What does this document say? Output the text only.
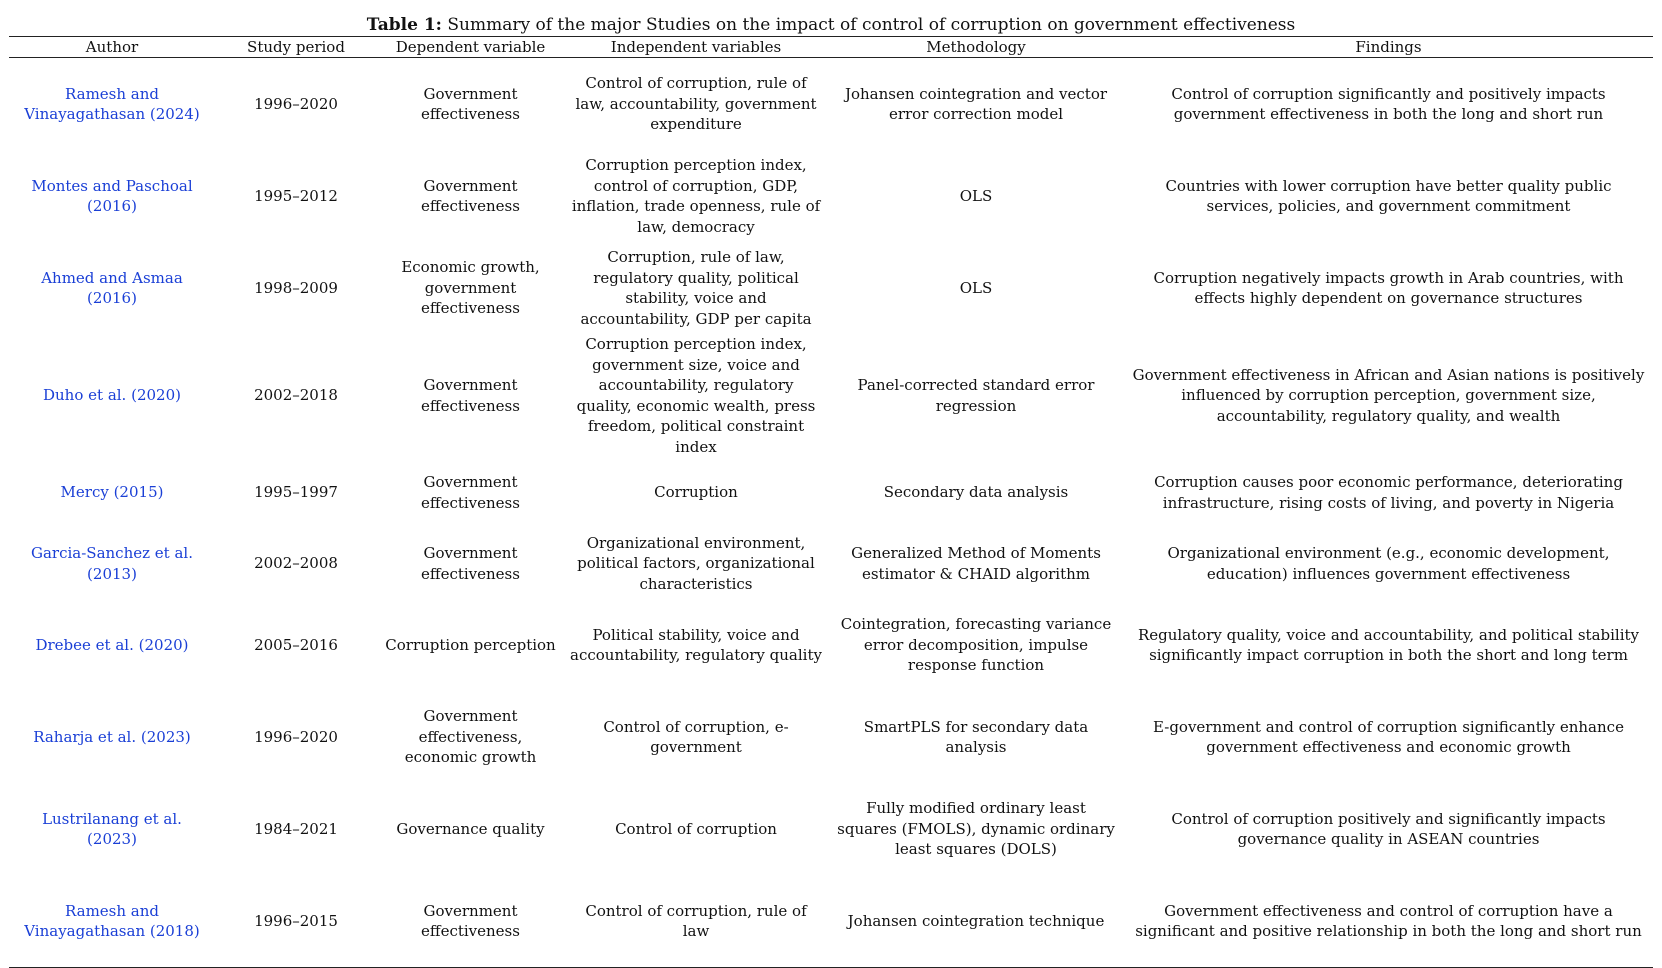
Table 1: Summary of the major Studies on the impact of control of corruption on government effectiveness
Author	Study period	Dependent variable	Independent variables	Methodology	Findings
Ramesh and Vinayagathasan (2024)	1996–2020	Government effectiveness	Control of corruption, rule of law, accountability, government expenditure	Johansen cointegration and vector error correction model	Control of corruption significantly and positively impacts government effectiveness in both the long and short run
Montes and Paschoal (2016)	1995–2012	Government effectiveness	Corruption perception index, control of corruption, GDP, inflation, trade openness, rule of law, democracy	OLS	Countries with lower corruption have better quality public services, policies, and government commitment
Ahmed and Asmaa (2016)	1998–2009	Economic growth, government effectiveness	Corruption, rule of law, regulatory quality, political stability, voice and accountability, GDP per capita	OLS	Corruption negatively impacts growth in Arab countries, with effects highly dependent on governance structures
Duho et al. (2020)	2002–2018	Government effectiveness	Corruption perception index, government size, voice and accountability, regulatory quality, economic wealth, press freedom, political constraint index	Panel-corrected standard error regression	Government effectiveness in African and Asian nations is positively influenced by corruption perception, government size, accountability, regulatory quality, and wealth
Mercy (2015)	1995–1997	Government effectiveness	Corruption	Secondary data analysis	Corruption causes poor economic performance, deteriorating infrastructure, rising costs of living, and poverty in Nigeria
Garcia-Sanchez et al. (2013)	2002–2008	Government effectiveness	Organizational environment, political factors, organizational characteristics	Generalized Method of Moments estimator & CHAID algorithm	Organizational environment (e.g., economic development, education) influences government effectiveness
Drebee et al. (2020)	2005–2016	Corruption perception	Political stability, voice and accountability, regulatory quality	Cointegration, forecasting variance error decomposition, impulse response function	Regulatory quality, voice and accountability, and political stability significantly impact corruption in both the short and long term
Raharja et al. (2023)	1996–2020	Government effectiveness, economic growth	Control of corruption, e-government	SmartPLS for secondary data analysis	E-government and control of corruption significantly enhance government effectiveness and economic growth
Lustrilanang et al. (2023)	1984–2021	Governance quality	Control of corruption	Fully modified ordinary least squares (FMOLS), dynamic ordinary least squares (DOLS)	Control of corruption positively and significantly impacts governance quality in ASEAN countries
Ramesh and Vinayagathasan (2018)	1996–2015	Government effectiveness	Control of corruption, rule of law	Johansen cointegration technique	Government effectiveness and control of corruption have a significant and positive relationship in both the long and short run
